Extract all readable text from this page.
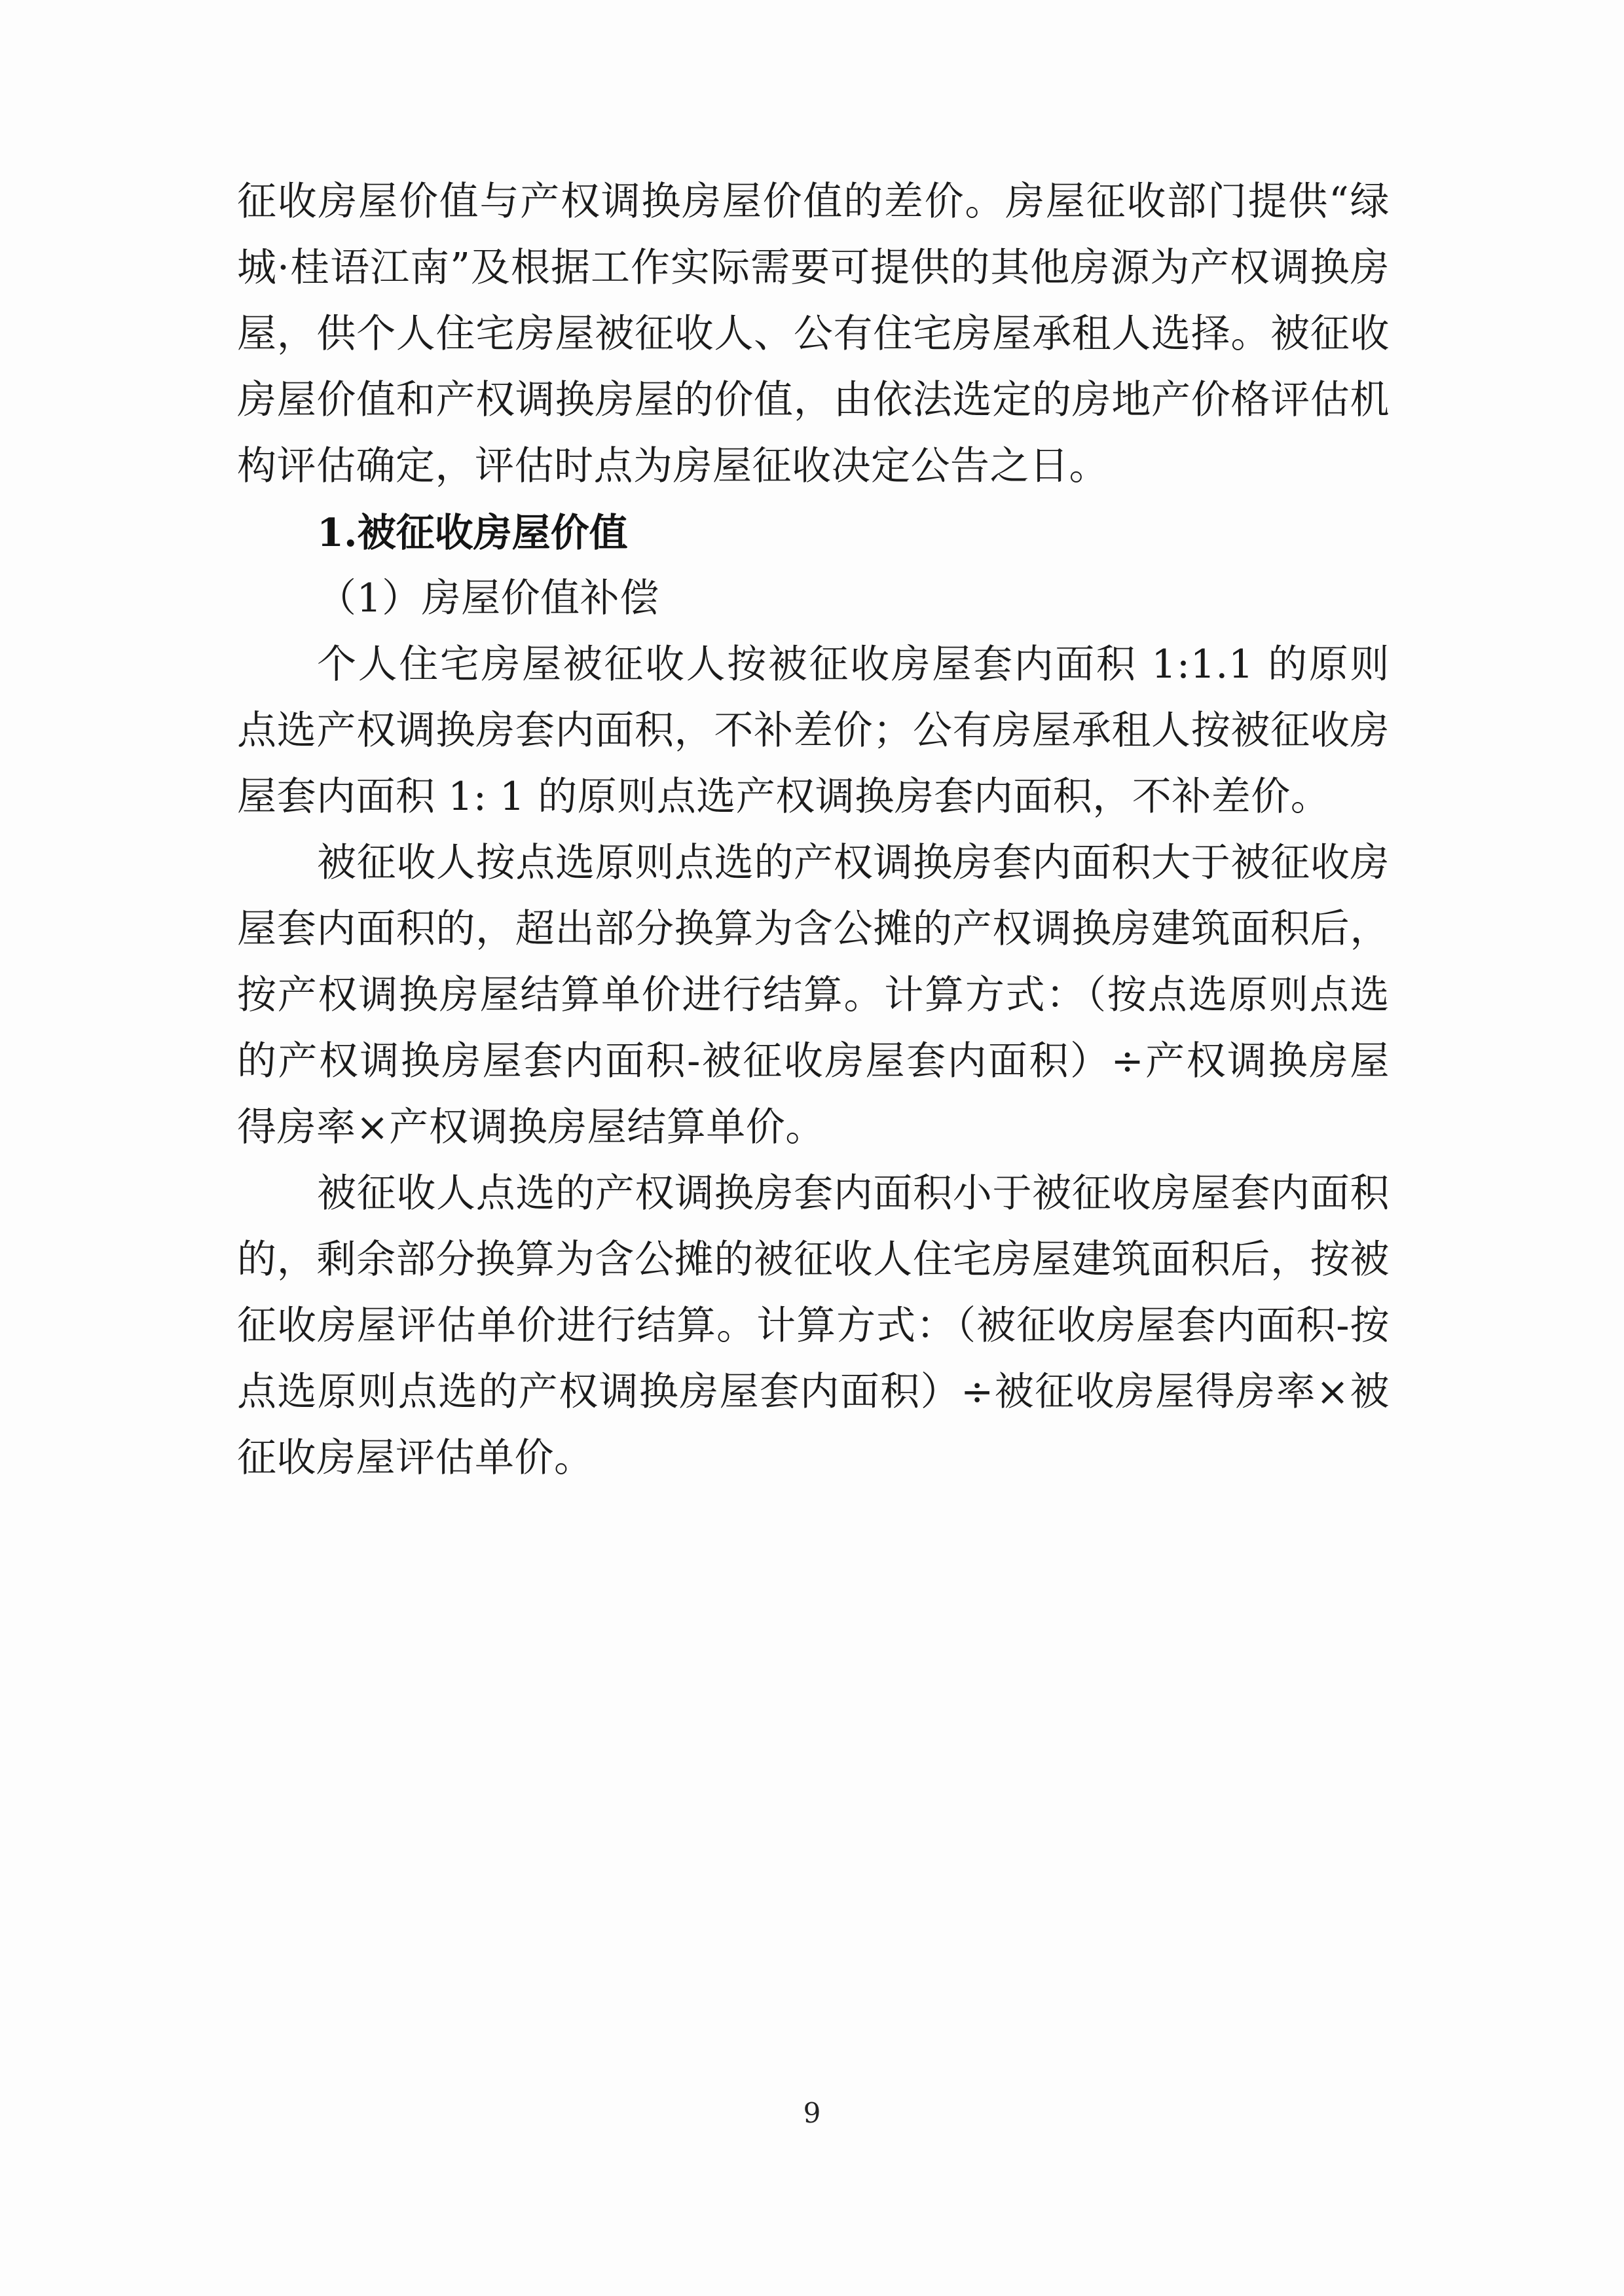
征收房屋价值与产权调换房屋价值的差价。房屋征收部门提供“绿城·桂语江南”及根据工作实际需要可提供的其他房源为产权调换房屋，供个人住宅房屋被征收人、公有住宅房屋承租人选择。被征收房屋价值和产权调换房屋的价值，由依法选定的房地产价格评估机构评估确定，评估时点为房屋征收决定公告之日。

1.被征收房屋价值

（1）房屋价值补偿

个人住宅房屋被征收人按被征收房屋套内面积 1:1.1 的原则点选产权调换房套内面积，不补差价；公有房屋承租人按被征收房屋套内面积 1: 1 的原则点选产权调换房套内面积，不补差价。

被征收人按点选原则点选的产权调换房套内面积大于被征收房屋套内面积的，超出部分换算为含公摊的产权调换房建筑面积后，按产权调换房屋结算单价进行结算。计算方式：（按点选原则点选的产权调换房屋套内面积-被征收房屋套内面积）÷产权调换房屋得房率×产权调换房屋结算单价。

被征收人点选的产权调换房套内面积小于被征收房屋套内面积的，剩余部分换算为含公摊的被征收人住宅房屋建筑面积后，按被征收房屋评估单价进行结算。计算方式：（被征收房屋套内面积-按点选原则点选的产权调换房屋套内面积）÷被征收房屋得房率×被征收房屋评估单价。

9
